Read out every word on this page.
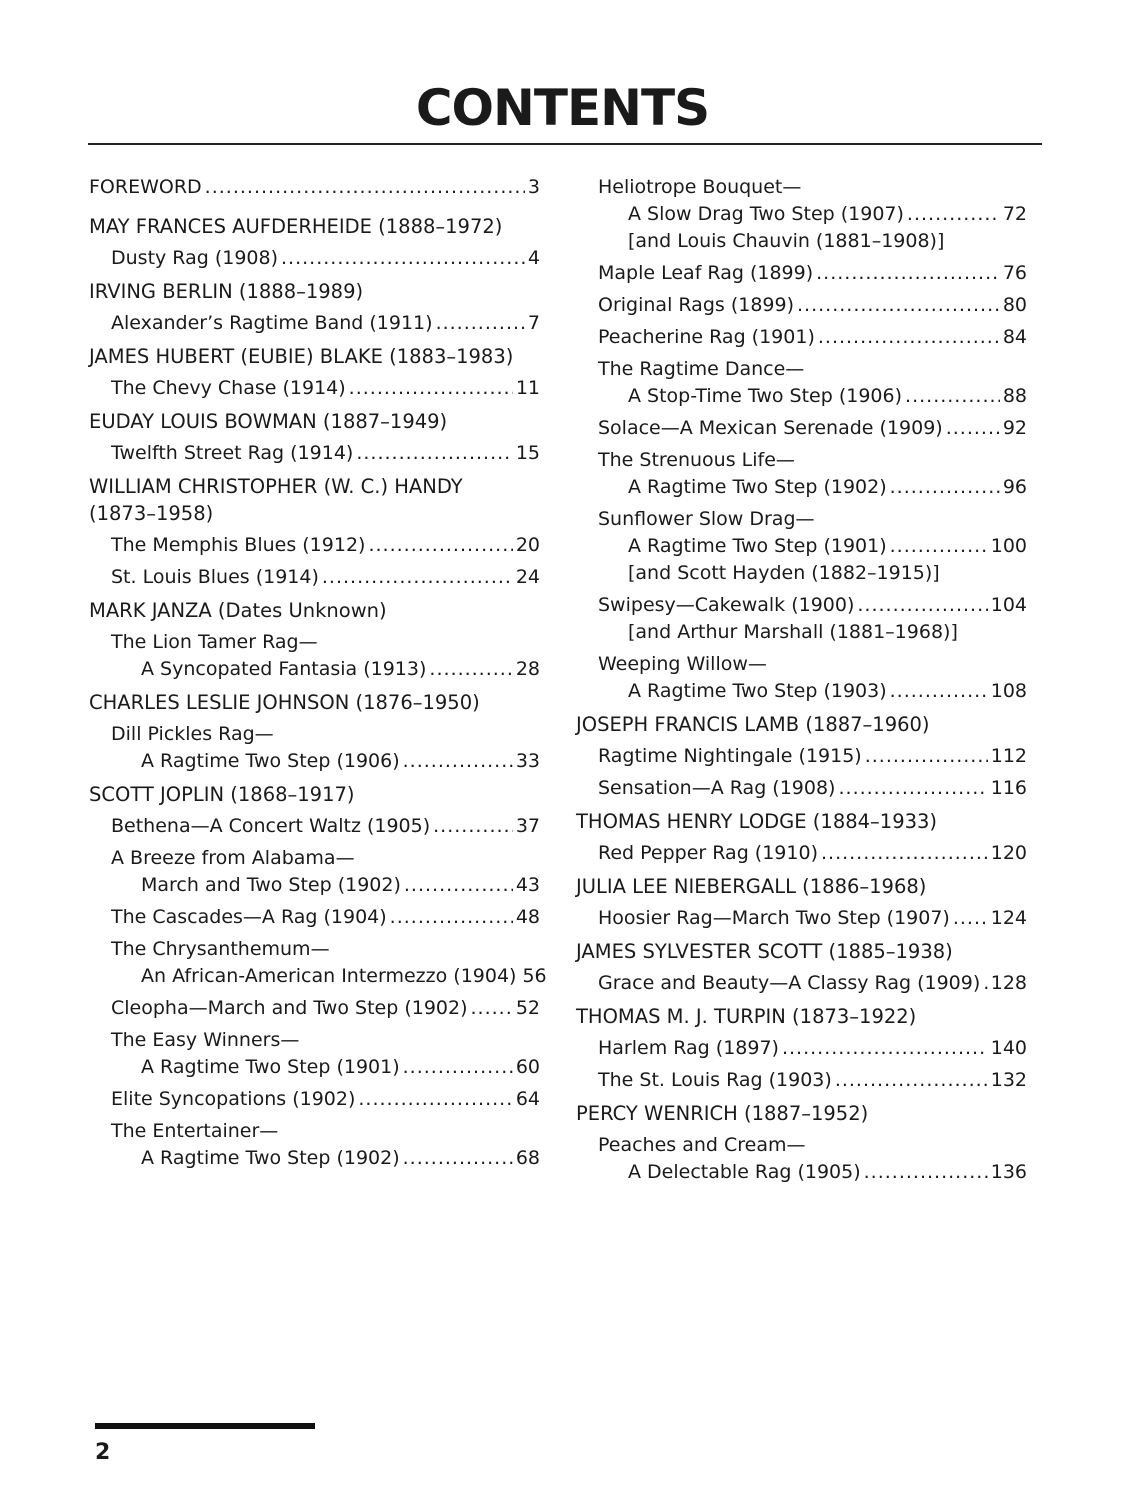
CONTENTS
FOREWORD .....	3
MAY FRANCES AUFDERHEIDE (1888–1972)
Dusty Rag (1908) .....	4
IRVING BERLIN (1888–1989)
Alexander’s Ragtime Band (1911) .....	7
JAMES HUBERT (EUBIE) BLAKE (1883–1983)
The Chevy Chase (1914) .....	11
EUDAY LOUIS BOWMAN (1887–1949)
Twelfth Street Rag (1914) .....	15
WILLIAM CHRISTOPHER (W. C.) HANDY
(1873–1958)
The Memphis Blues (1912) .....	20
St. Louis Blues (1914) .....	24
MARK JANZA (Dates Unknown)
The Lion Tamer Rag—
A Syncopated Fantasia (1913) .....	28
CHARLES LESLIE JOHNSON (1876–1950)
Dill Pickles Rag—
A Ragtime Two Step (1906) .....	33
SCOTT JOPLIN (1868–1917)
Bethena—A Concert Waltz (1905) .....	37
A Breeze from Alabama—
March and Two Step (1902) .....	43
The Cascades—A Rag (1904) .....	48
The Chrysanthemum—
An African-American Intermezzo (1904) 56
Cleopha—March and Two Step (1902) .....	52
The Easy Winners—
A Ragtime Two Step (1901) .....	60
Elite Syncopations (1902) .....	64
The Entertainer—
A Ragtime Two Step (1902) .....	68
Heliotrope Bouquet—
A Slow Drag Two Step (1907) .....	72
[and Louis Chauvin (1881–1908)]
Maple Leaf Rag (1899) .....	76
Original Rags (1899) .....	80
Peacherine Rag (1901) .....	84
The Ragtime Dance—
A Stop-Time Two Step (1906) .....	88
Solace—A Mexican Serenade (1909) .....	92
The Strenuous Life—
A Ragtime Two Step (1902) .....	96
Sunflower Slow Drag—
A Ragtime Two Step (1901) .....	100
[and Scott Hayden (1882–1915)]
Swipesy—Cakewalk (1900) .....	104
[and Arthur Marshall (1881–1968)]
Weeping Willow—
A Ragtime Two Step (1903) .....	108
JOSEPH FRANCIS LAMB (1887–1960)
Ragtime Nightingale (1915) .....	112
Sensation—A Rag (1908) .....	116
THOMAS HENRY LODGE (1884–1933)
Red Pepper Rag (1910) .....	120
JULIA LEE NIEBERGALL (1886–1968)
Hoosier Rag—March Two Step (1907) ..... 124
JAMES SYLVESTER SCOTT (1885–1938)
Grace and Beauty—A Classy Rag (1909) ..... 128
THOMAS M. J. TURPIN (1873–1922)
Harlem Rag (1897) .....	140
The St. Louis Rag (1903) .....	132
PERCY WENRICH (1887–1952)
Peaches and Cream—
A Delectable Rag (1905) .....	136
2
